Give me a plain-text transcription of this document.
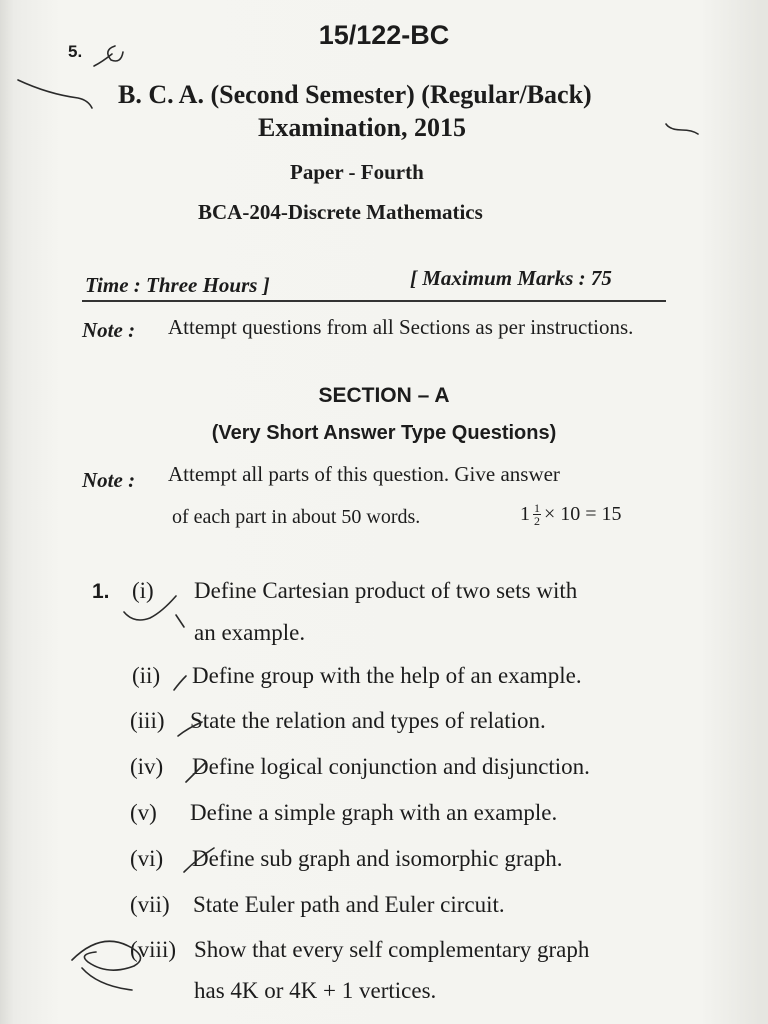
15/122-BC
5.
B. C. A. (Second Semester) (Regular/Back)
Examination, 2015
Paper - Fourth
BCA-204-Discrete Mathematics
Time : Three Hours ]	[ Maximum Marks : 75
Note : Attempt questions from all Sections as per instructions.
SECTION – A
(Very Short Answer Type Questions)
Note : Attempt all parts of this question. Give answer
of each part in about 50 words.	$1 \frac{1}{2} \times 10 = 15$
1. (i) Define Cartesian product of two sets with
an example.
(ii) Define group with the help of an example.
(iii) State the relation and types of relation.
(iv) Define logical conjunction and disjunction.
(v) Define a simple graph with an example.
(vi) Define sub graph and isomorphic graph.
(vii) State Euler path and Euler circuit.
(viii) Show that every self complementary graph
has 4K or 4K + 1 vertices.
